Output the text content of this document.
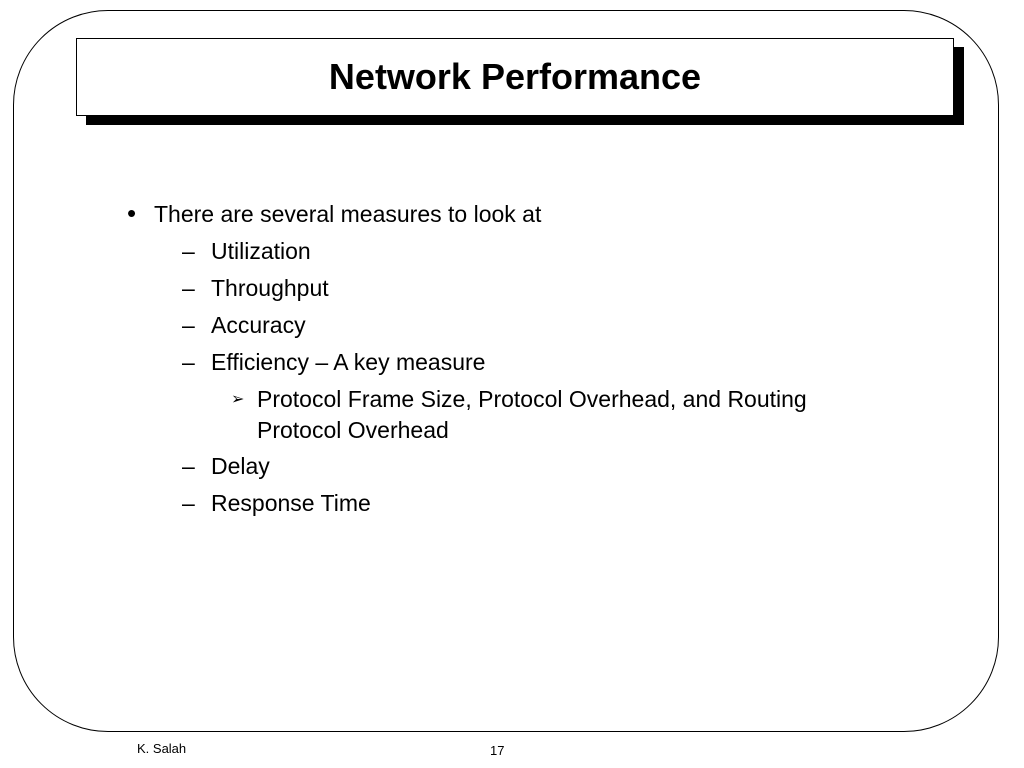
Network Performance
• There are several measures to look at
– Utilization
– Throughput
– Accuracy
– Efficiency – A key measure
➢ Protocol Frame Size, Protocol Overhead, and Routing
Protocol Overhead
– Delay
– Response Time
K. Salah	17
